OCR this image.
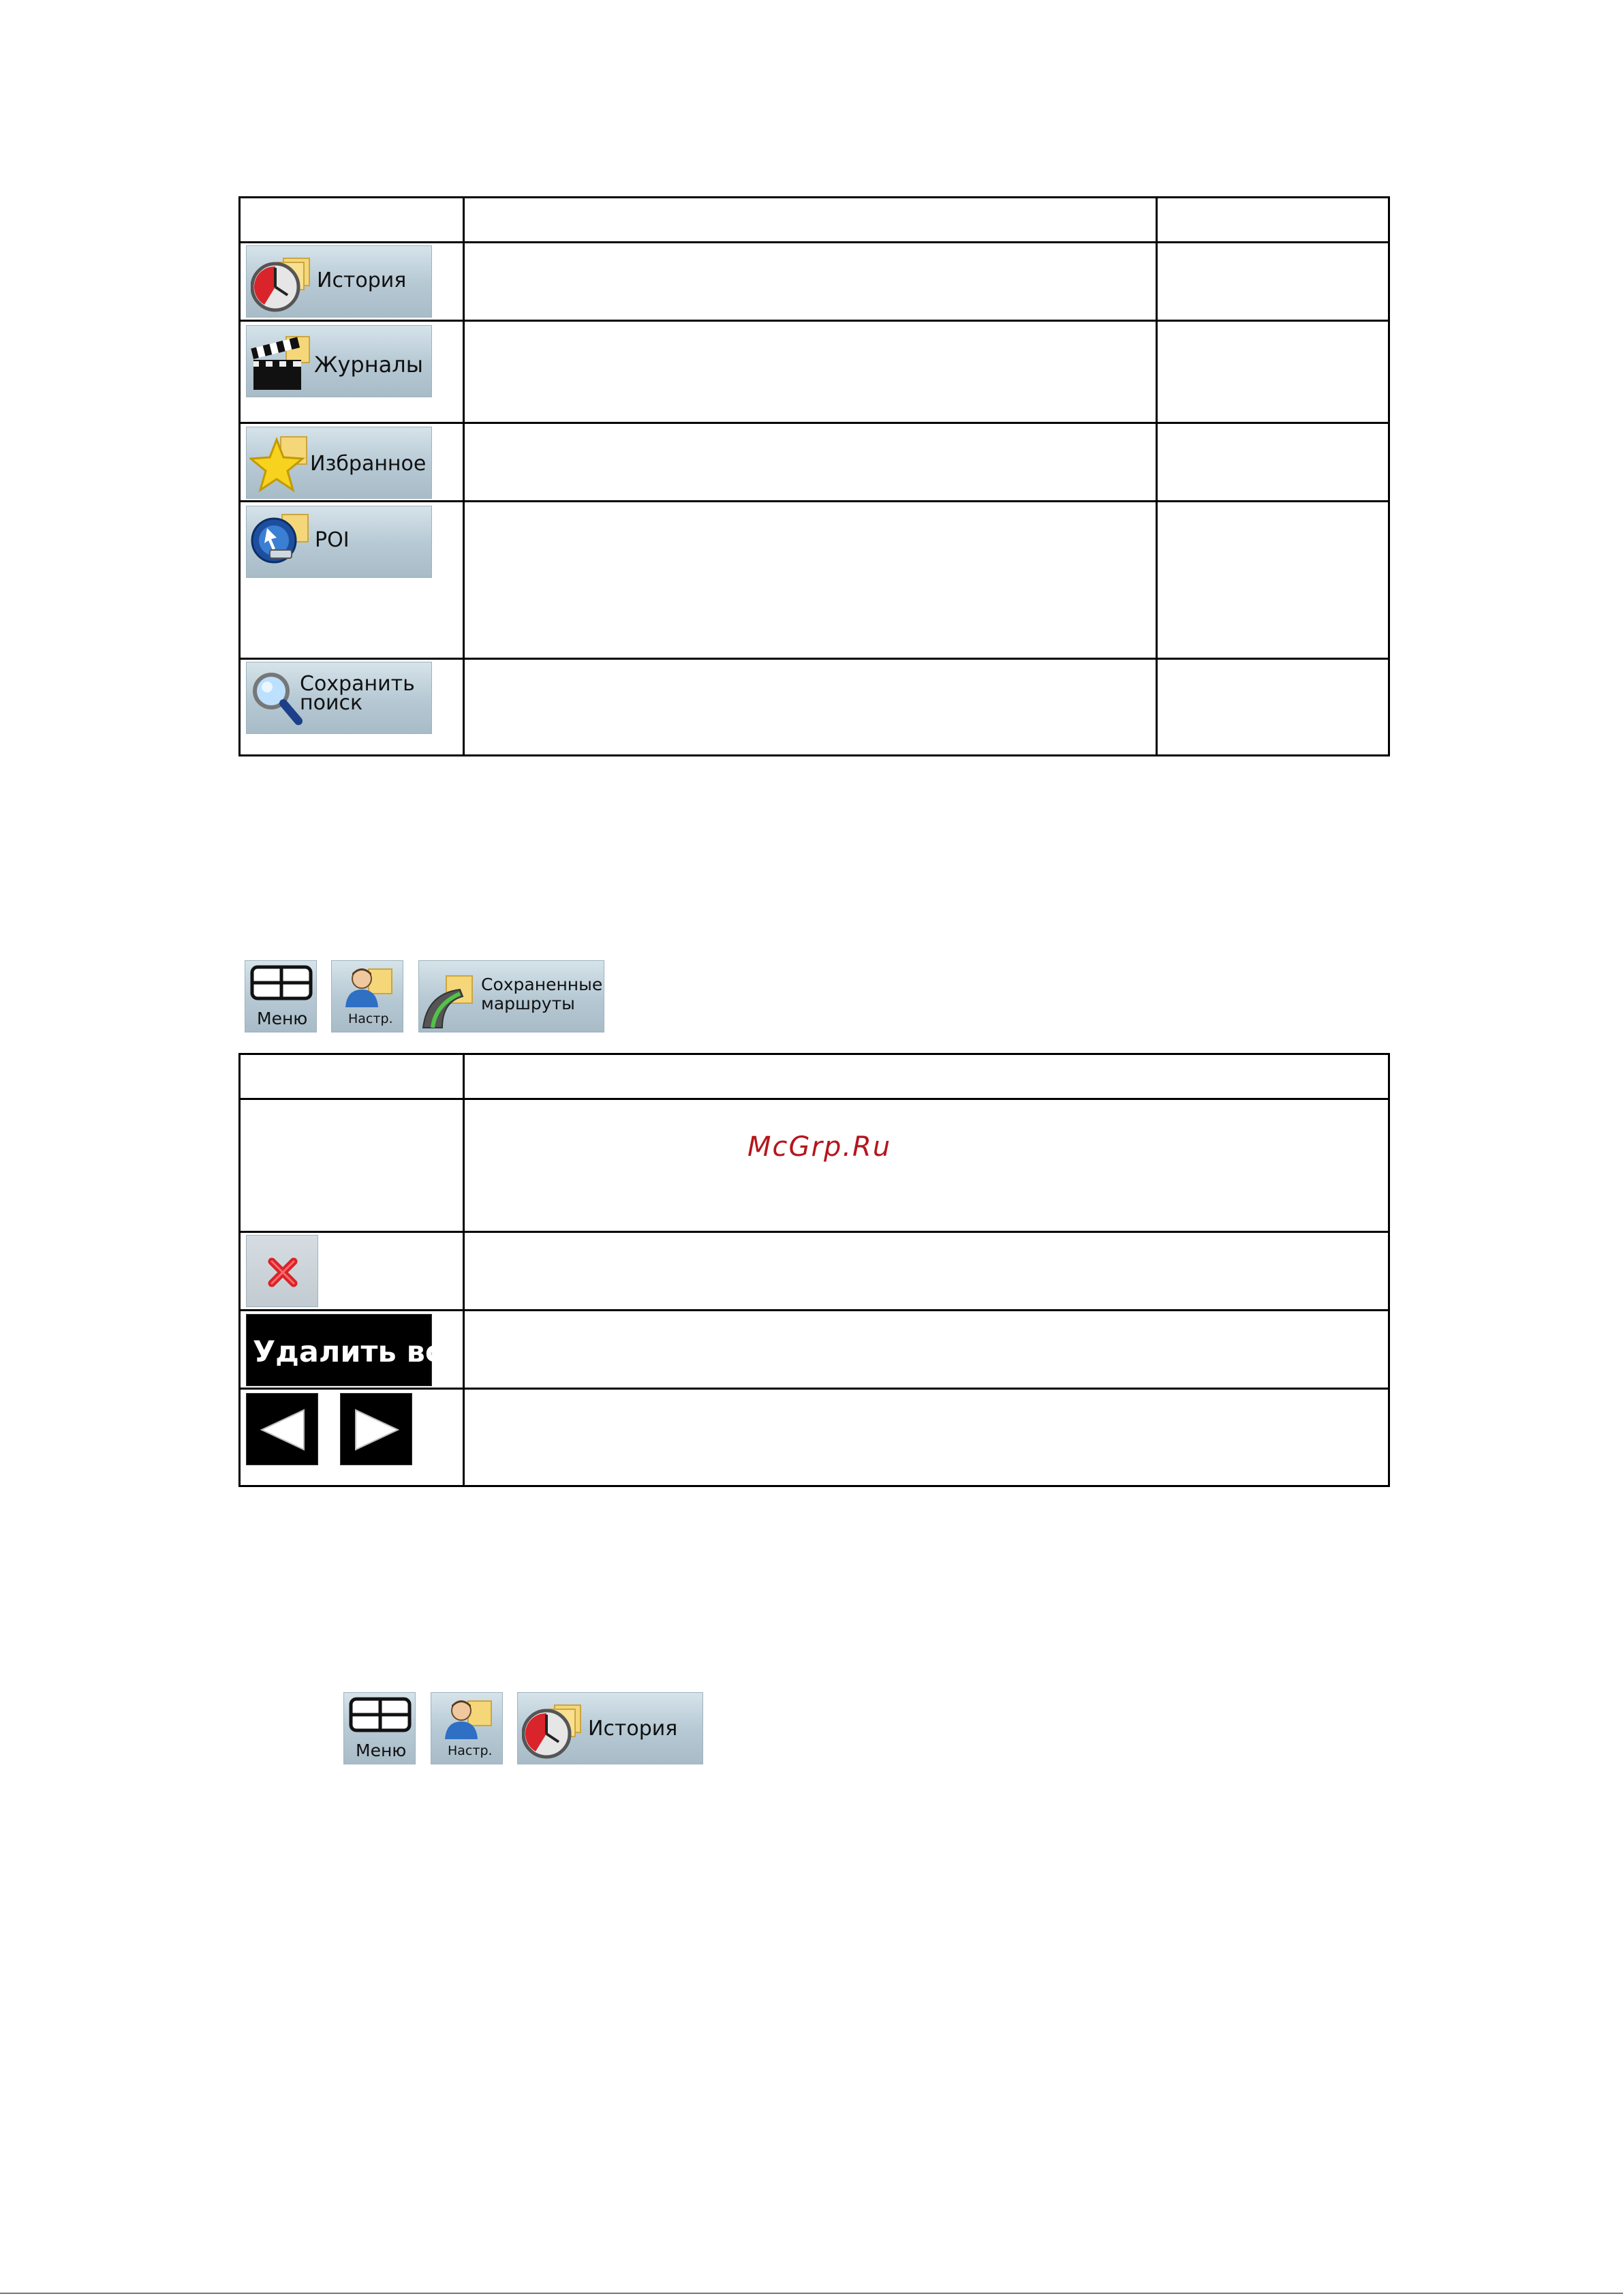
История
Журналы
Избранное
POI
Сохранить
поиск
Меню	Настр.
Сохраненные
маршруты

McGrp.Ru
Удалить все
Меню	Настр.
История
